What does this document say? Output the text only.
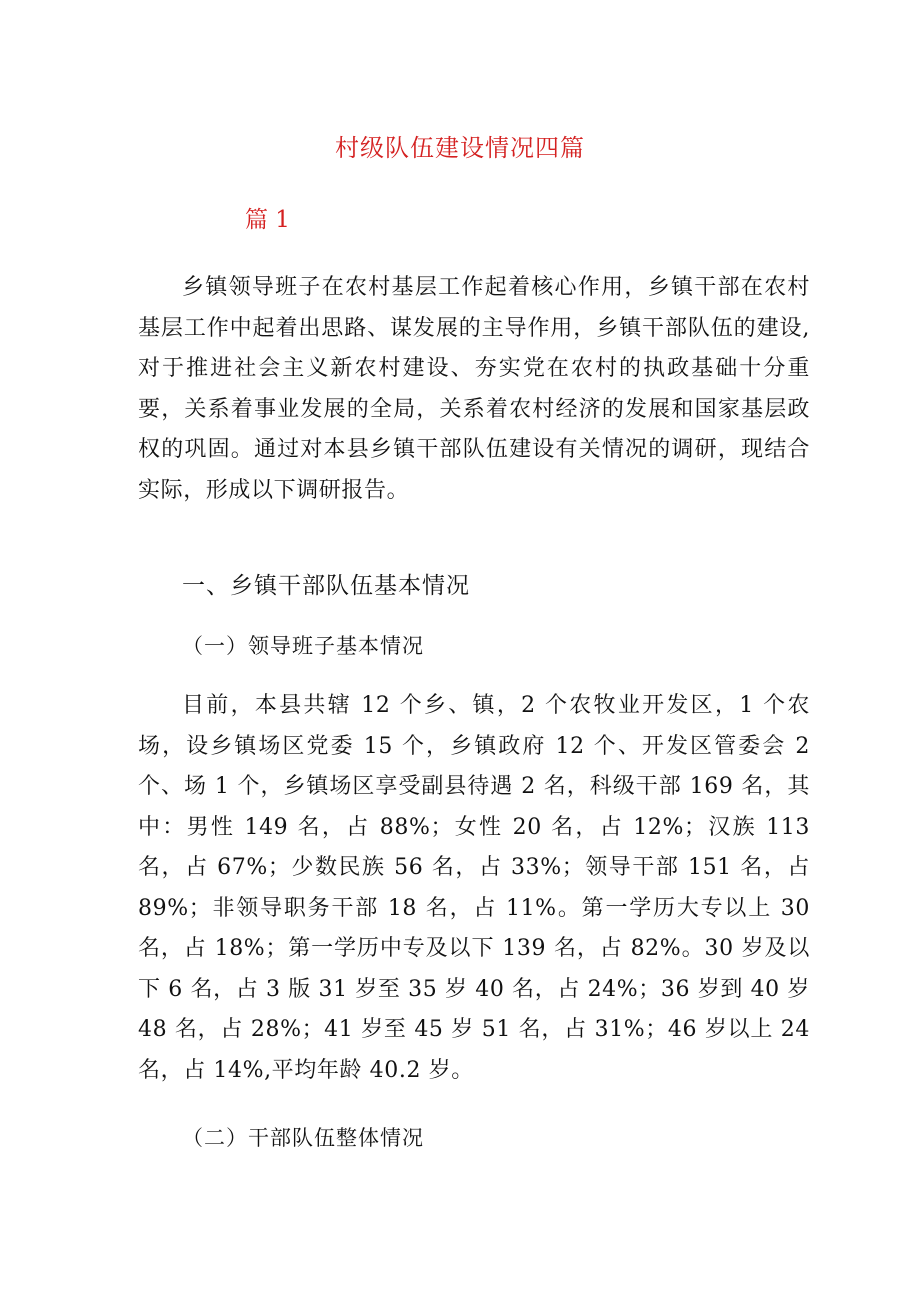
村级队伍建设情况四篇
篇 1

乡镇领导班子在农村基层工作起着核心作用，乡镇干部在农村基层工作中起着出思路、谋发展的主导作用，乡镇干部队伍的建设,对于推进社会主义新农村建设、夯实党在农村的执政基础十分重要，关系着事业发展的全局，关系着农村经济的发展和国家基层政权的巩固。通过对本县乡镇干部队伍建设有关情况的调研，现结合实际，形成以下调研报告。

一、乡镇干部队伍基本情况
（一）领导班子基本情况

目前，本县共辖 12 个乡、镇，2 个农牧业开发区，1 个农场，设乡镇场区党委 15 个，乡镇政府 12 个、开发区管委会 2 个、场 1 个，乡镇场区享受副县待遇 2 名，科级干部 169 名，其中：男性 149 名，占 88%；女性 20 名，占 12%；汉族 113 名，占 67%；少数民族 56 名，占 33%；领导干部 151 名，占 89%；非领导职务干部 18 名，占 11%。第一学历大专以上 30 名，占 18%；第一学历中专及以下 139 名，占 82%。30 岁及以下 6 名，占 3 版 31 岁至 35 岁 40 名，占 24%；36 岁到 40 岁 48 名，占 28%；41 岁至 45 岁 51 名，占 31%；46 岁以上 24 名，占 14%,平均年龄 40.2 岁。

（二）干部队伍整体情况
